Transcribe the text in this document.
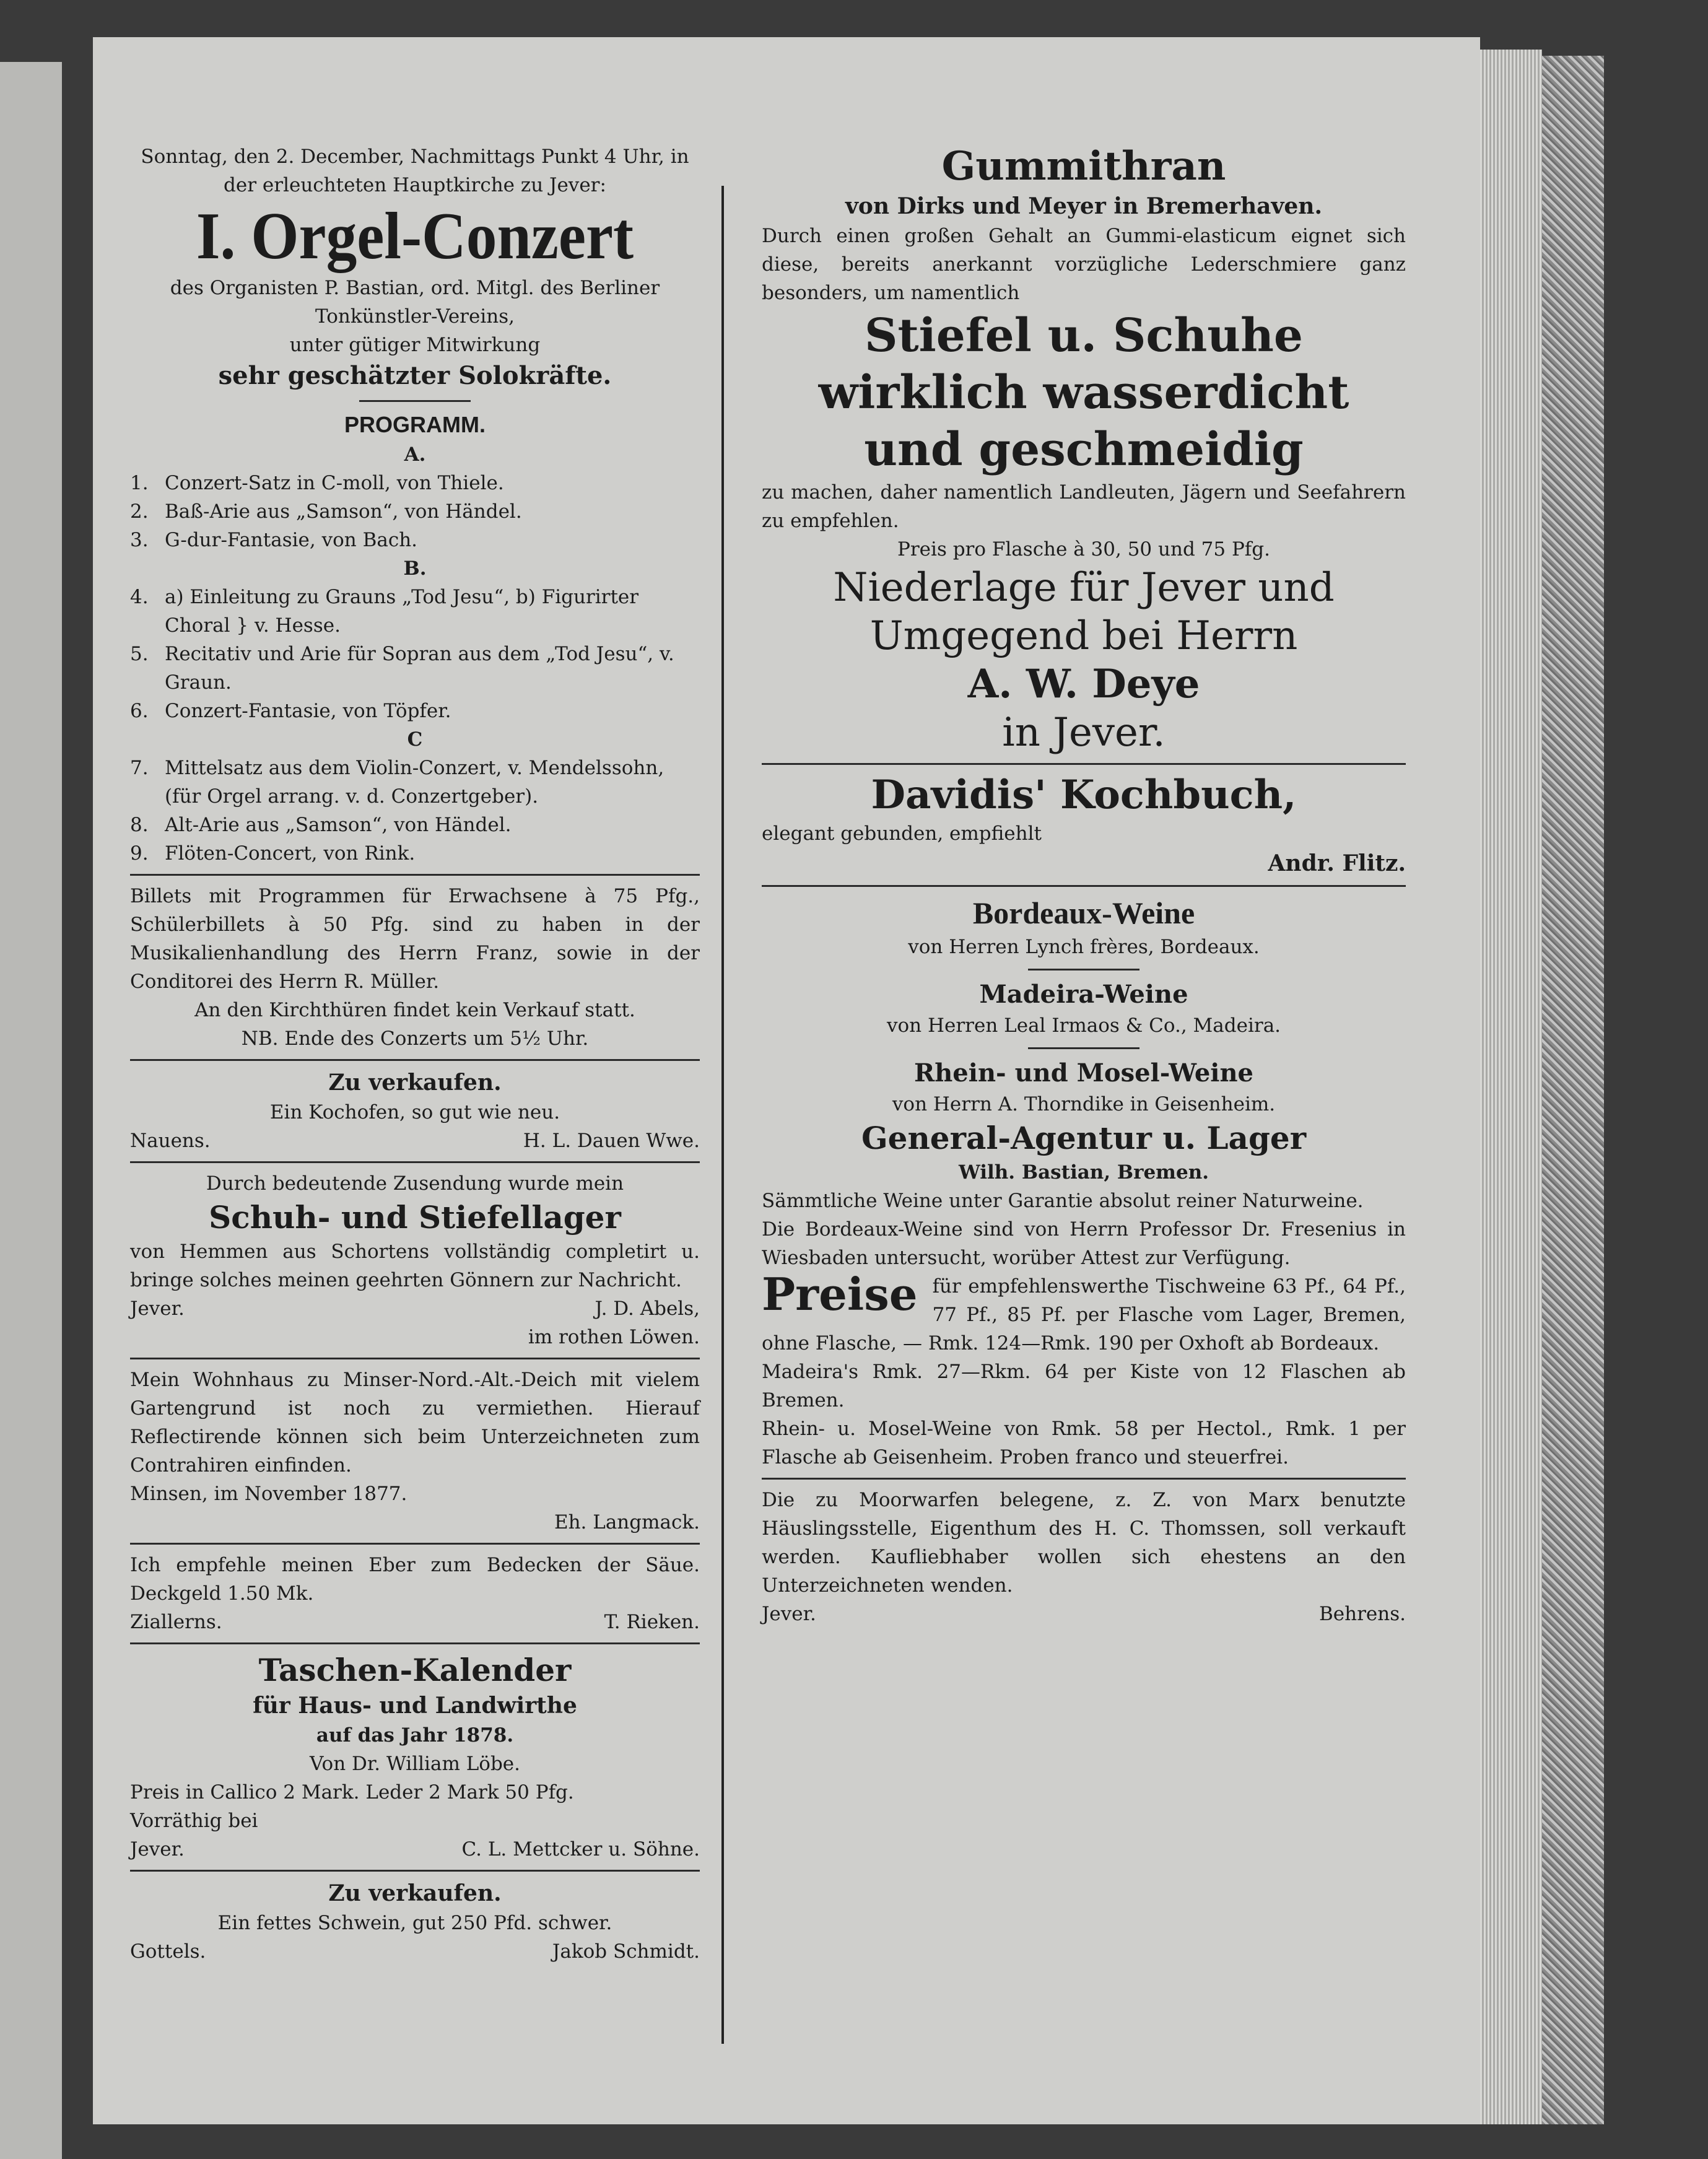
Sonntag, den 2. December, Nachmittags Punkt 4 Uhr, in der erleuchteten Hauptkirche zu Jever:

I. Orgel-Conzert

des Organisten P. Bastian, ord. Mitgl. des Berliner Tonkünstler-Vereins,

unter gütiger Mitwirkung

sehr geschätzter Solokräfte.

PROGRAMM.

A.

1. Conzert-Satz in C-moll, von Thiele.
2. Baß-Arie aus „Samson“, von Händel.
3. G-dur-Fantasie, von Bach.

B.

4. a) Einleitung zu Grauns „Tod Jesu“, b) Figurirter Choral } v. Hesse.
5. Recitativ und Arie für Sopran aus dem „Tod Jesu“, v. Graun.
6. Conzert-Fantasie, von Töpfer.

C

7. Mittelsatz aus dem Violin-Conzert, v. Mendelssohn, (für Orgel arrang. v. d. Conzertgeber).
8. Alt-Arie aus „Samson“, von Händel.
9. Flöten-Concert, von Rink.

Billets mit Programmen für Erwachsene à 75 Pfg., Schülerbillets à 50 Pfg. sind zu haben in der Musikalienhandlung des Herrn Franz, sowie in der Conditorei des Herrn R. Müller.

An den Kirchthüren findet kein Verkauf statt.

NB. Ende des Conzerts um 5½ Uhr.

Zu verkaufen.

Ein Kochofen, so gut wie neu.

Nauens.	H. L. Dauen Wwe.

Durch bedeutende Zusendung wurde mein

Schuh- und Stiefellager

von Hemmen aus Schortens vollständig completirt u. bringe solches meinen geehrten Gönnern zur Nachricht.

Jever.	J. D. Abels,

im rothen Löwen.

Mein Wohnhaus zu Minser-Nord.-Alt.-Deich mit vielem Gartengrund ist noch zu vermiethen. Hierauf Reflectirende können sich beim Unterzeichneten zum Contrahiren einfinden.

Minsen, im November 1877.

Eh. Langmack.

Ich empfehle meinen Eber zum Bedecken der Säue. Deckgeld 1.50 Mk.

Ziallerns.	T. Rieken.

Taschen-Kalender

für Haus- und Landwirthe

auf das Jahr 1878.

Von Dr. William Löbe.

Preis in Callico 2 Mark. Leder 2 Mark 50 Pfg.

Vorräthig bei

Jever.	C. L. Mettcker u. Söhne.

Zu verkaufen.

Ein fettes Schwein, gut 250 Pfd. schwer.

Gottels.	Jakob Schmidt.

Gummithran

von Dirks und Meyer in Bremerhaven.

Durch einen großen Gehalt an Gummi-elasticum eignet sich diese, bereits anerkannt vorzügliche Lederschmiere ganz besonders, um namentlich

Stiefel u. Schuhe wirklich wasserdicht und geschmeidig

zu machen, daher namentlich Landleuten, Jägern und Seefahrern zu empfehlen.

Preis pro Flasche à 30, 50 und 75 Pfg.

Niederlage für Jever und Umgegend bei Herrn

A. W. Deye

in Jever.

Davidis' Kochbuch,

elegant gebunden, empfiehlt

Andr. Flitz.

Bordeaux-Weine

von Herren Lynch frères, Bordeaux.

Madeira-Weine

von Herren Leal Irmaos & Co., Madeira.

Rhein- und Mosel-Weine

von Herrn A. Thorndike in Geisenheim.

General-Agentur u. Lager

Wilh. Bastian, Bremen.

Sämmtliche Weine unter Garantie absolut reiner Naturweine.

Die Bordeaux-Weine sind von Herrn Professor Dr. Fresenius in Wiesbaden untersucht, worüber Attest zur Verfügung.

Preise für empfehlenswerthe Tischweine 63 Pf., 64 Pf., 77 Pf., 85 Pf. per Flasche vom Lager, Bremen, ohne Flasche, — Rmk. 124—Rmk. 190 per Oxhoft ab Bordeaux.

Madeira's Rmk. 27—Rkm. 64 per Kiste von 12 Flaschen ab Bremen.

Rhein- u. Mosel-Weine von Rmk. 58 per Hectol., Rmk. 1 per Flasche ab Geisenheim. Proben franco und steuerfrei.

Die zu Moorwarfen belegene, z. Z. von Marx benutzte Häuslingsstelle, Eigenthum des H. C. Thomssen, soll verkauft werden. Kaufliebhaber wollen sich ehestens an den Unterzeichneten wenden.

Jever.	Behrens.
